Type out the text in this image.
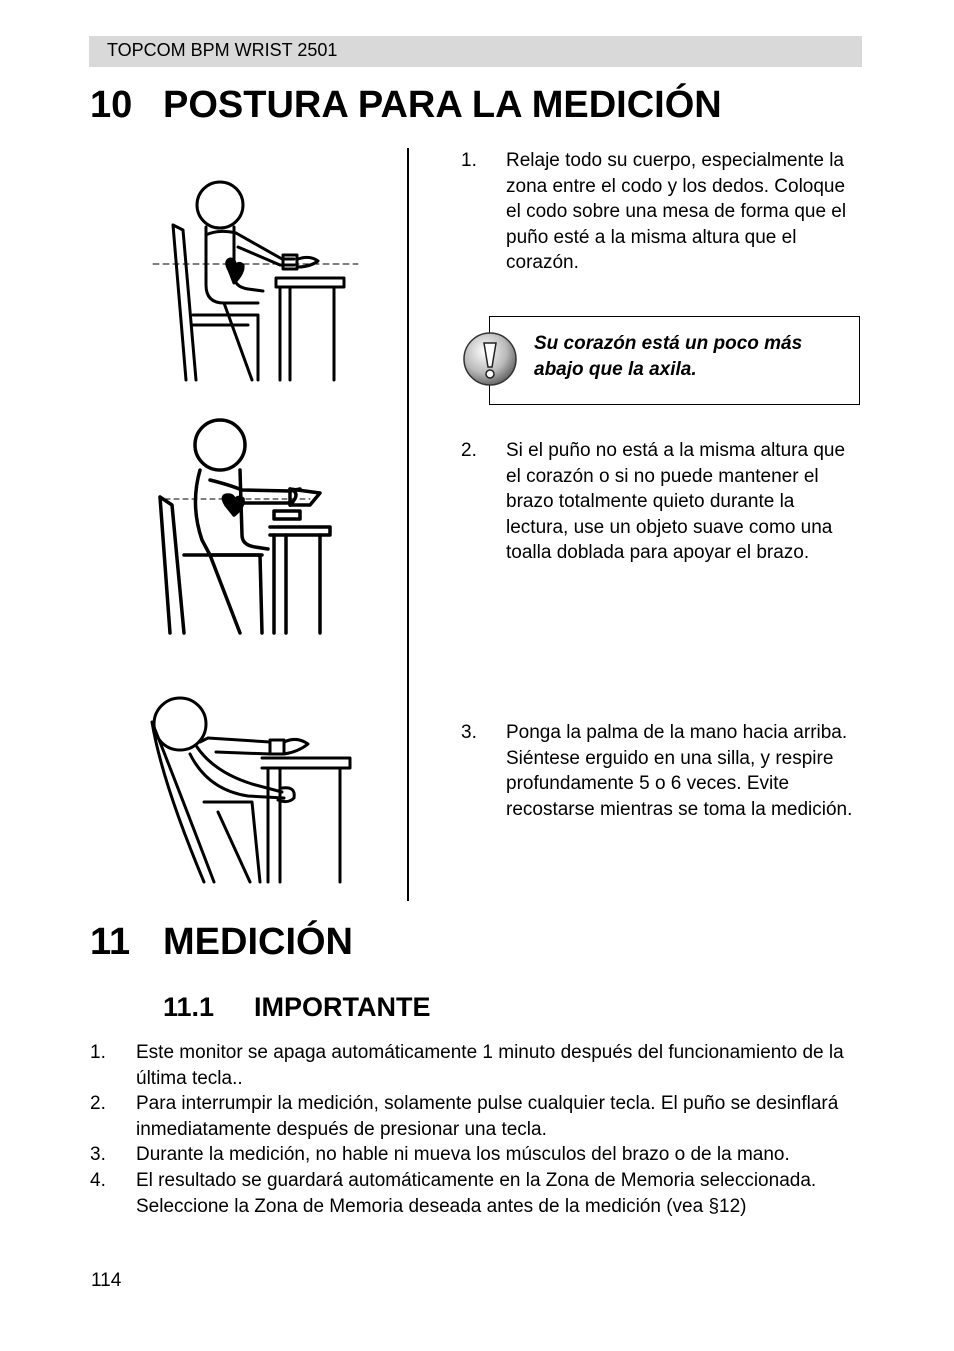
TOPCOM BPM WRIST 2501
10 POSTURA PARA LA MEDICIÓN
1. Relaje todo su cuerpo, especialmente la zona entre el codo y los dedos. Coloque el codo sobre una mesa de forma que el puño esté a la misma altura que el corazón.
Su corazón está un poco más abajo que la axila.
2. Si el puño no está a la misma altura que el corazón o si no puede mantener el brazo totalmente quieto durante la lectura, use un objeto suave como una toalla doblada para apoyar el brazo.
3. Ponga la palma de la mano hacia arriba. Siéntese erguido en una silla, y respire profundamente 5 o 6 veces. Evite recostarse mientras se toma la medición.
11 MEDICIÓN
11.1 IMPORTANTE
1. Este monitor se apaga automáticamente 1 minuto después del funcionamiento de la última tecla..
2. Para interrumpir la medición, solamente pulse cualquier tecla. El puño se desinflará inmediatamente después de presionar una tecla.
3. Durante la medición, no hable ni mueva los músculos del brazo o de la mano.
4. El resultado se guardará automáticamente en la Zona de Memoria seleccionada. Seleccione la Zona de Memoria deseada antes de la medición (vea §12)
114
